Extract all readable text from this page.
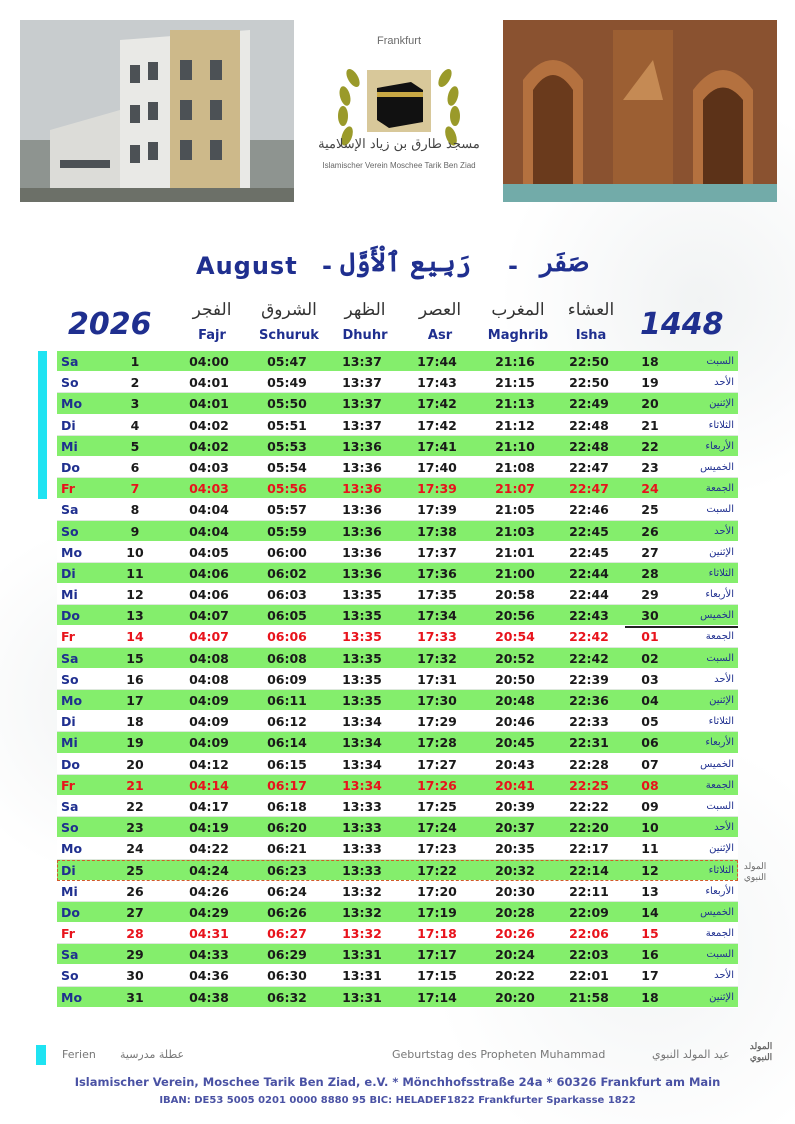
Frankfurt
مسجد طارق بن زياد الإسلامية
Islamischer Verein Moschee Tarik Ben Ziad
August - رَبِيع ٱلْأَوَّل - صَفَر
2026	1448
الفجر
Fajr
الشروق
Schuruk
الظهر
Dhuhr
العصر
Asr
المغرب
Maghrib
العشاء
Isha
Sa	1	04:00	05:47	13:37	17:44	21:16	22:50	18	السبت
So	2	04:01	05:49	13:37	17:43	21:15	22:50	19	الأحد
Mo	3	04:01	05:50	13:37	17:42	21:13	22:49	20	الإثنين
Di	4	04:02	05:51	13:37	17:42	21:12	22:48	21	الثلاثاء
Mi	5	04:02	05:53	13:36	17:41	21:10	22:48	22	الأربعاء
Do	6	04:03	05:54	13:36	17:40	21:08	22:47	23	الخميس
Fr	7	04:03	05:56	13:36	17:39	21:07	22:47	24	الجمعة
Sa	8	04:04	05:57	13:36	17:39	21:05	22:46	25	السبت
So	9	04:04	05:59	13:36	17:38	21:03	22:45	26	الأحد
Mo	10	04:05	06:00	13:36	17:37	21:01	22:45	27	الإثنين
Di	11	04:06	06:02	13:36	17:36	21:00	22:44	28	الثلاثاء
Mi	12	04:06	06:03	13:35	17:35	20:58	22:44	29	الأربعاء
Do	13	04:07	06:05	13:35	17:34	20:56	22:43	30	الخميس
Fr	14	04:07	06:06	13:35	17:33	20:54	22:42	01	الجمعة
Sa	15	04:08	06:08	13:35	17:32	20:52	22:42	02	السبت
So	16	04:08	06:09	13:35	17:31	20:50	22:39	03	الأحد
Mo	17	04:09	06:11	13:35	17:30	20:48	22:36	04	الإثنين
Di	18	04:09	06:12	13:34	17:29	20:46	22:33	05	الثلاثاء
Mi	19	04:09	06:14	13:34	17:28	20:45	22:31	06	الأربعاء
Do	20	04:12	06:15	13:34	17:27	20:43	22:28	07	الخميس
Fr	21	04:14	06:17	13:34	17:26	20:41	22:25	08	الجمعة
Sa	22	04:17	06:18	13:33	17:25	20:39	22:22	09	السبت
So	23	04:19	06:20	13:33	17:24	20:37	22:20	10	الأحد
Mo	24	04:22	06:21	13:33	17:23	20:35	22:17	11	الإثنين
Di	25	04:24	06:23	13:33	17:22	20:32	22:14	12	الثلاثاء
Mi	26	04:26	06:24	13:32	17:20	20:30	22:11	13	الأربعاء
Do	27	04:29	06:26	13:32	17:19	20:28	22:09	14	الخميس
Fr	28	04:31	06:27	13:32	17:18	20:26	22:06	15	الجمعة
Sa	29	04:33	06:29	13:31	17:17	20:24	22:03	16	السبت
So	30	04:36	06:30	13:31	17:15	20:22	22:01	17	الأحد
Mo	31	04:38	06:32	13:31	17:14	20:20	21:58	18	الإثنين
المولد النبوي
Ferien عطلة مدرسية	Geburtstag des Propheten Muhammad	عيد المولد النبوي
المولد النبوي
Islamischer Verein, Moschee Tarik Ben Ziad, e.V. * Mönchhofsstraße 24a * 60326 Frankfurt am Main
IBAN: DE53 5005 0201 0000 8880 95 BIC: HELADEF1822 Frankfurter Sparkasse 1822
